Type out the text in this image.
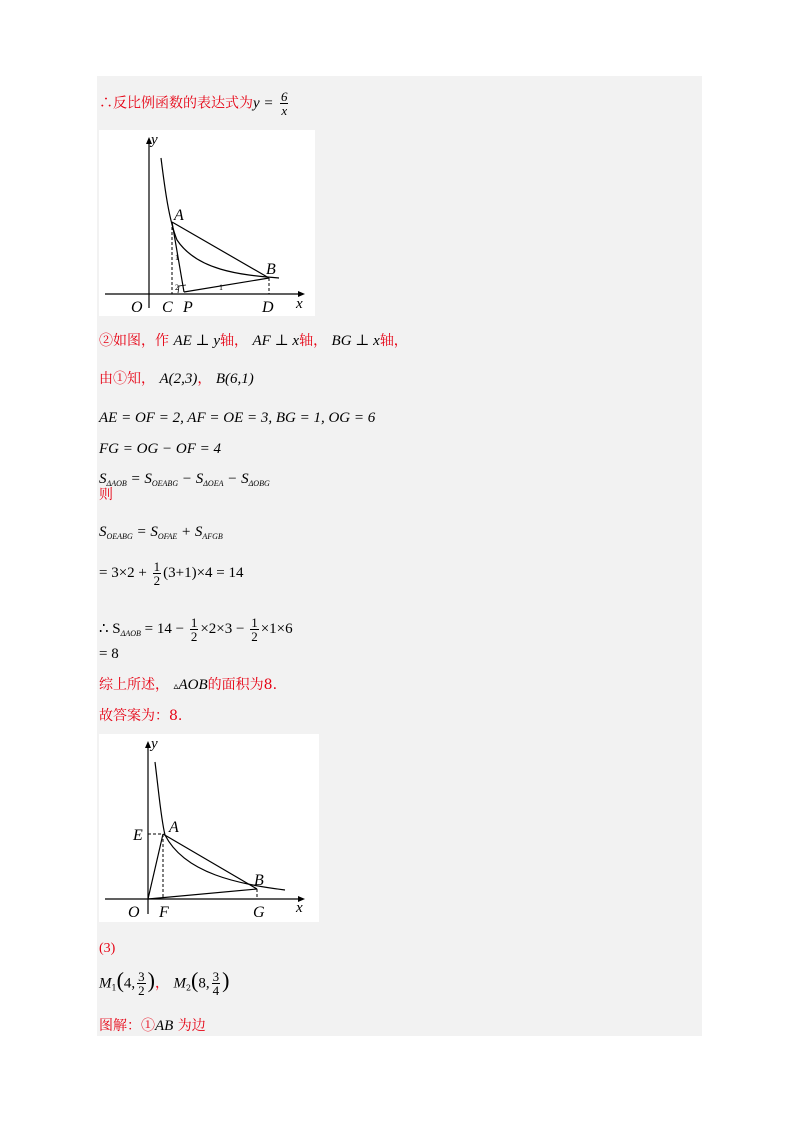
∴反比例函数的表达式为$y = \frac{6}{x}$
y
x
O C P	D
A
B
1
2	1
②如图，作 AE ⊥ y轴， AF ⊥ x轴， BG ⊥ x轴，
由①知， A(2,3)， B(6,1)
AE = OF = 2, AF = OE = 3, BG = 1, OG = 6
FG = OG − OF = 4
$S_{\Delta AOB} = S_{OEABG} - S_{\Delta OEA} - S_{\Delta OBG}$
则
$S_{OEABG} = S_{OFAE} + S_{AFGB}$
= $3\times 2 + \frac{1}{2} (3+1)\times 4 = 14$
∴ $S_{\Delta AOB} = 14 - \frac{1}{2} \times 2\times 3 - \frac{1}{2} \times 1\times 6$
= 8
综上所述， ▵AOB的面积为8.
故答案为：8.
y
x
O
E A
B
F	G
(3)
$M_1(4$, $\frac{3}{2}$ )， $M_2(8$, $\frac{3}{4}$ )
图解：①AB 为边
